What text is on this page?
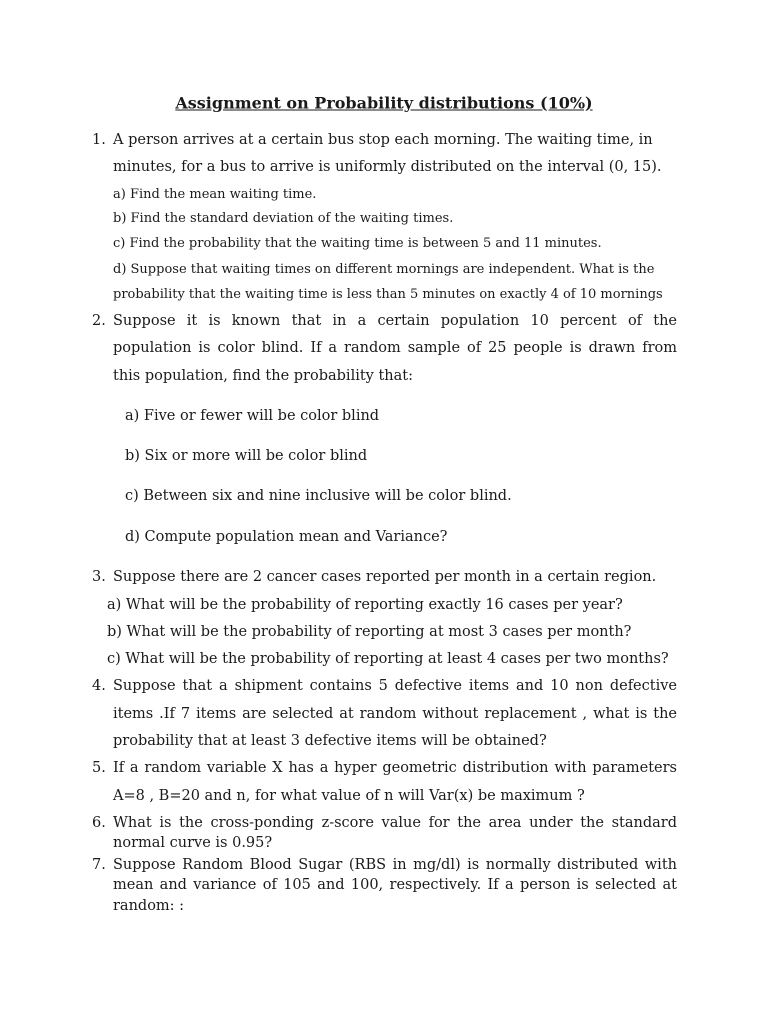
Assignment on Probability distributions (10%)
1. A person arrives at a certain bus stop each morning. The waiting time, in
minutes, for a bus to arrive is uniformly distributed on the interval (0, 15).
a) Find the mean waiting time.
b) Find the standard deviation of the waiting times.
c) Find the probability that the waiting time is between 5 and 11 minutes.
d) Suppose that waiting times on different mornings are independent. What is the
probability that the waiting time is less than 5 minutes on exactly 4 of 10 mornings
2. Suppose it is known that in a certain population 10 percent of the
population is color blind. If a random sample of 25 people is drawn from
this population, find the probability that:
a) Five or fewer will be color blind
b) Six or more will be color blind
c) Between six and nine inclusive will be color blind.
d) Compute population mean and Variance?
3. Suppose there are 2 cancer cases reported per month in a certain region.
a) What will be the probability of reporting exactly 16 cases per year?
b) What will be the probability of reporting at most 3 cases per month?
c) What will be the probability of reporting at least 4 cases per two months?
4. Suppose that a shipment contains 5 defective items and 10 non defective
items .If 7 items are selected at random without replacement , what is the
probability that at least 3 defective items will be obtained?
5. If a random variable X has a hyper geometric distribution with parameters
A=8 , B=20 and n, for what value of n will Var(x) be maximum ?
6. What is the cross-ponding z-score value for the area under the standard
normal curve is 0.95?
7. Suppose Random Blood Sugar (RBS in mg/dl) is normally distributed with
mean and variance of 105 and 100, respectively. If a person is selected at
random: :
